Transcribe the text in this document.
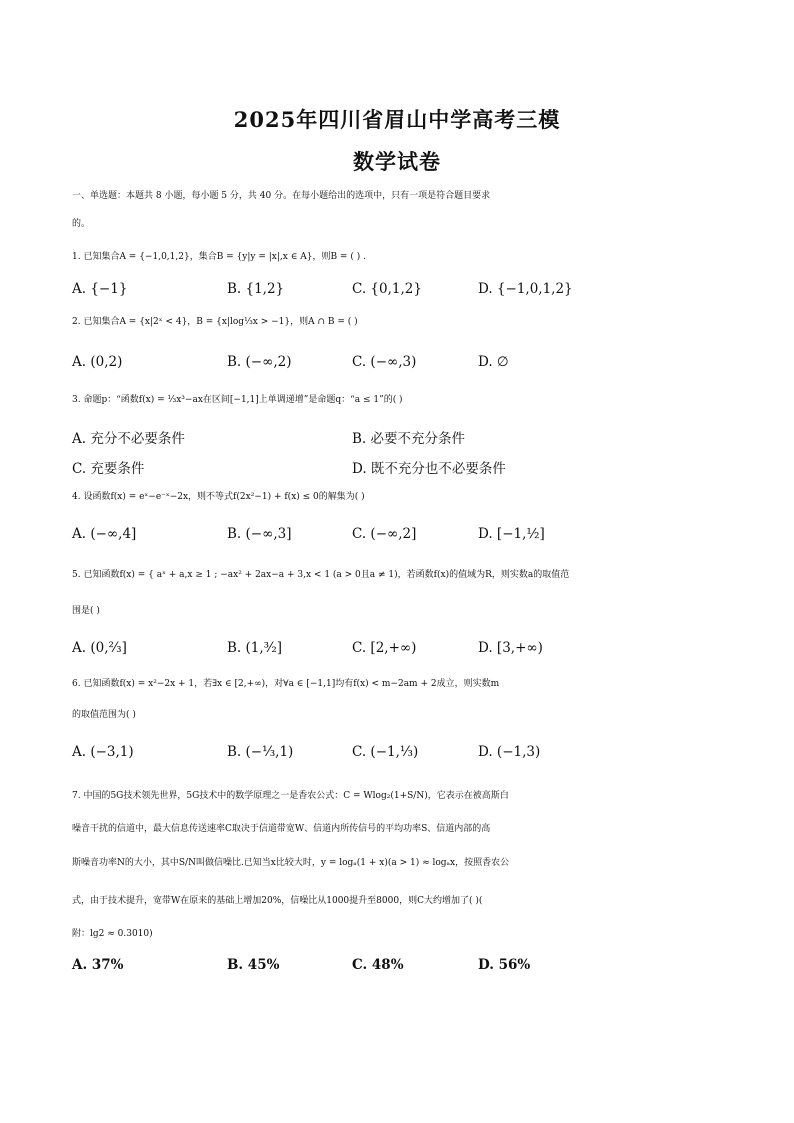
2025年四川省眉山中学高考三模
数学试卷
一、单选题：本题共 8 小题，每小题 5 分，共 40 分。在每小题给出的选项中，只有一项是符合题目要求
的。
1. 已知集合A = {−1,0,1,2}，集合B = {y|y = |x|,x ∈ A}，则B = ( ) .
A. {−1}	B. {1,2}	C. {0,1,2}	D. {−1,0,1,2}
2. 已知集合A = {x|2ˣ < 4}，B = {x|log⅓x > −1}，则A ∩ B = ( )
A. (0,2)	B. (−∞,2)	C. (−∞,3)	D. ∅
3. 命题p：“函数f(x) = ⅓x³−ax在区间[−1,1]上单调递增”是命题q：“a ≤ 1”的( )
A. 充分不必要条件	B. 必要不充分条件
C. 充要条件	D. 既不充分也不必要条件
4. 设函数f(x) = eˣ−e⁻ˣ−2x，则不等式f(2x²−1) + f(x) ≤ 0的解集为( )
A. (−∞,4]	B. (−∞,3]	C. (−∞,2]	D. [−1,½]
5. 已知函数f(x) = { aˣ + a,x ≥ 1 ; −ax² + 2ax−a + 3,x < 1 (a > 0且a ≠ 1)，若函数f(x)的值域为R，则实数a的取值范
围是( )
A. (0,⅔]	B. (1,³⁄₂]	C. [2,+∞)	D. [3,+∞)
6. 已知函数f(x) = x²−2x + 1，若∃x ∈ [2,+∞)，对∀a ∈ [−1,1]均有f(x) < m−2am + 2成立，则实数m
的取值范围为( )
A. (−3,1)	B. (−⅓,1)	C. (−1,⅓)	D. (−1,3)
7. 中国的5G技术领先世界，5G技术中的数学原理之一是香农公式：C = Wlog₂(1+S/N)，它表示在被高斯白
噪音干扰的信道中，最大信息传送速率C取决于信道带宽W、信道内所传信号的平均功率S、信道内部的高
斯噪音功率N的大小，其中S/N叫做信噪比.已知当x比较大时，y = logₐ(1 + x)(a > 1) ≈ logₐx，按照香农公
式，由于技术提升，宽带W在原来的基础上增加20%，信噪比从1000提升至8000，则C大约增加了( )(
附：lg2 ≈ 0.3010)
A. 37%	B. 45%	C. 48%	D. 56%
